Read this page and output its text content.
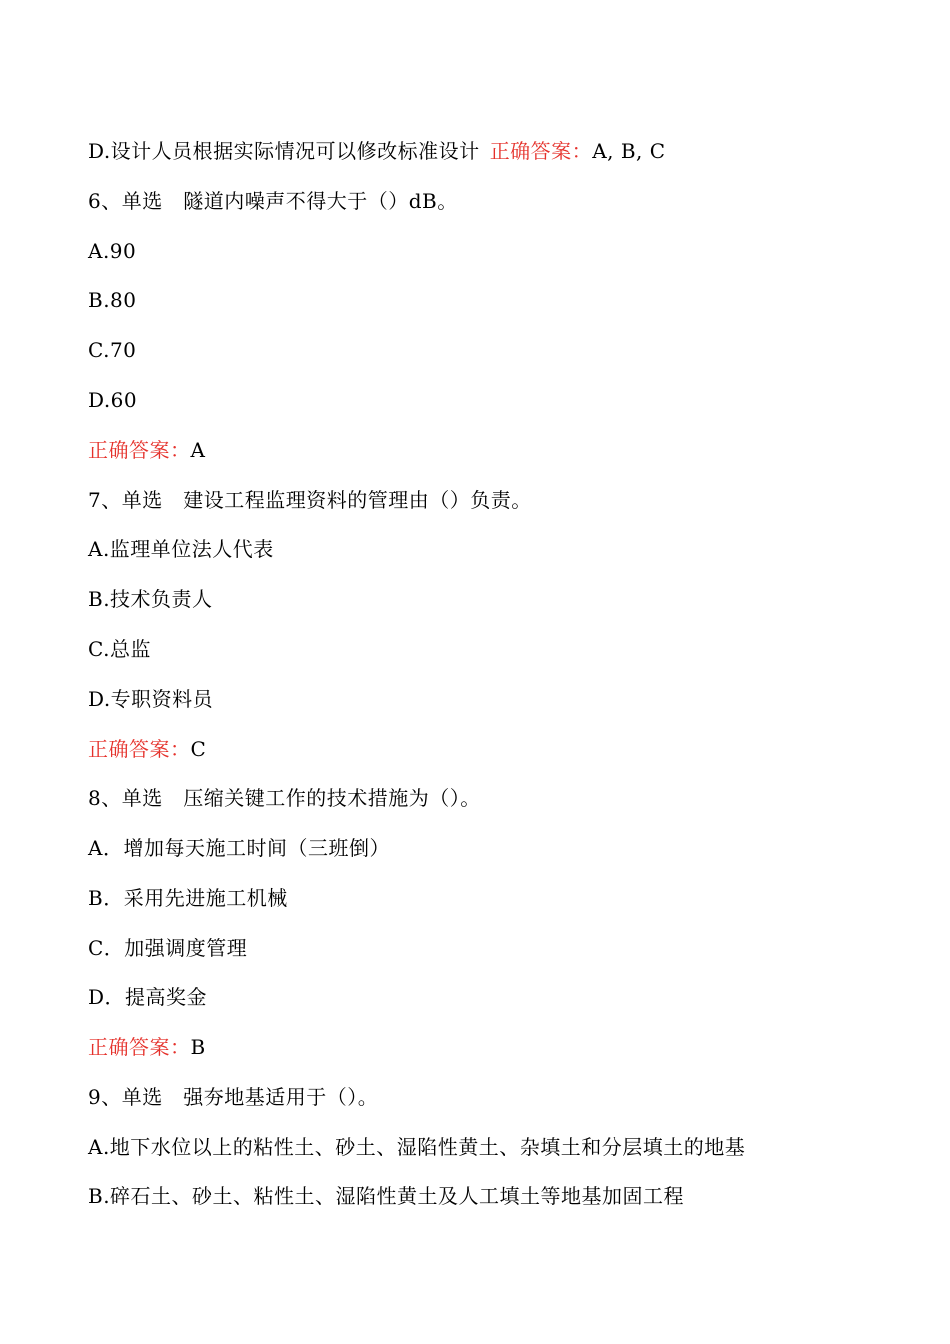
D.设计人员根据实际情况可以修改标准设计 正确答案：A, B, C
6、单选　隧道内噪声不得大于（）dB。
A.90
B.80
C.70
D.60
正确答案：A
7、单选　建设工程监理资料的管理由（）负责。
A.监理单位法人代表
B.技术负责人
C.总监
D.专职资料员
正确答案：C
8、单选　压缩关键工作的技术措施为（）。
A．增加每天施工时间（三班倒）
B．采用先进施工机械
C．加强调度管理
D．提高奖金
正确答案：B
9、单选　强夯地基适用于（）。
A.地下水位以上的粘性土、砂土、湿陷性黄土、杂填土和分层填土的地基
B.碎石土、砂土、粘性土、湿陷性黄土及人工填土等地基加固工程
